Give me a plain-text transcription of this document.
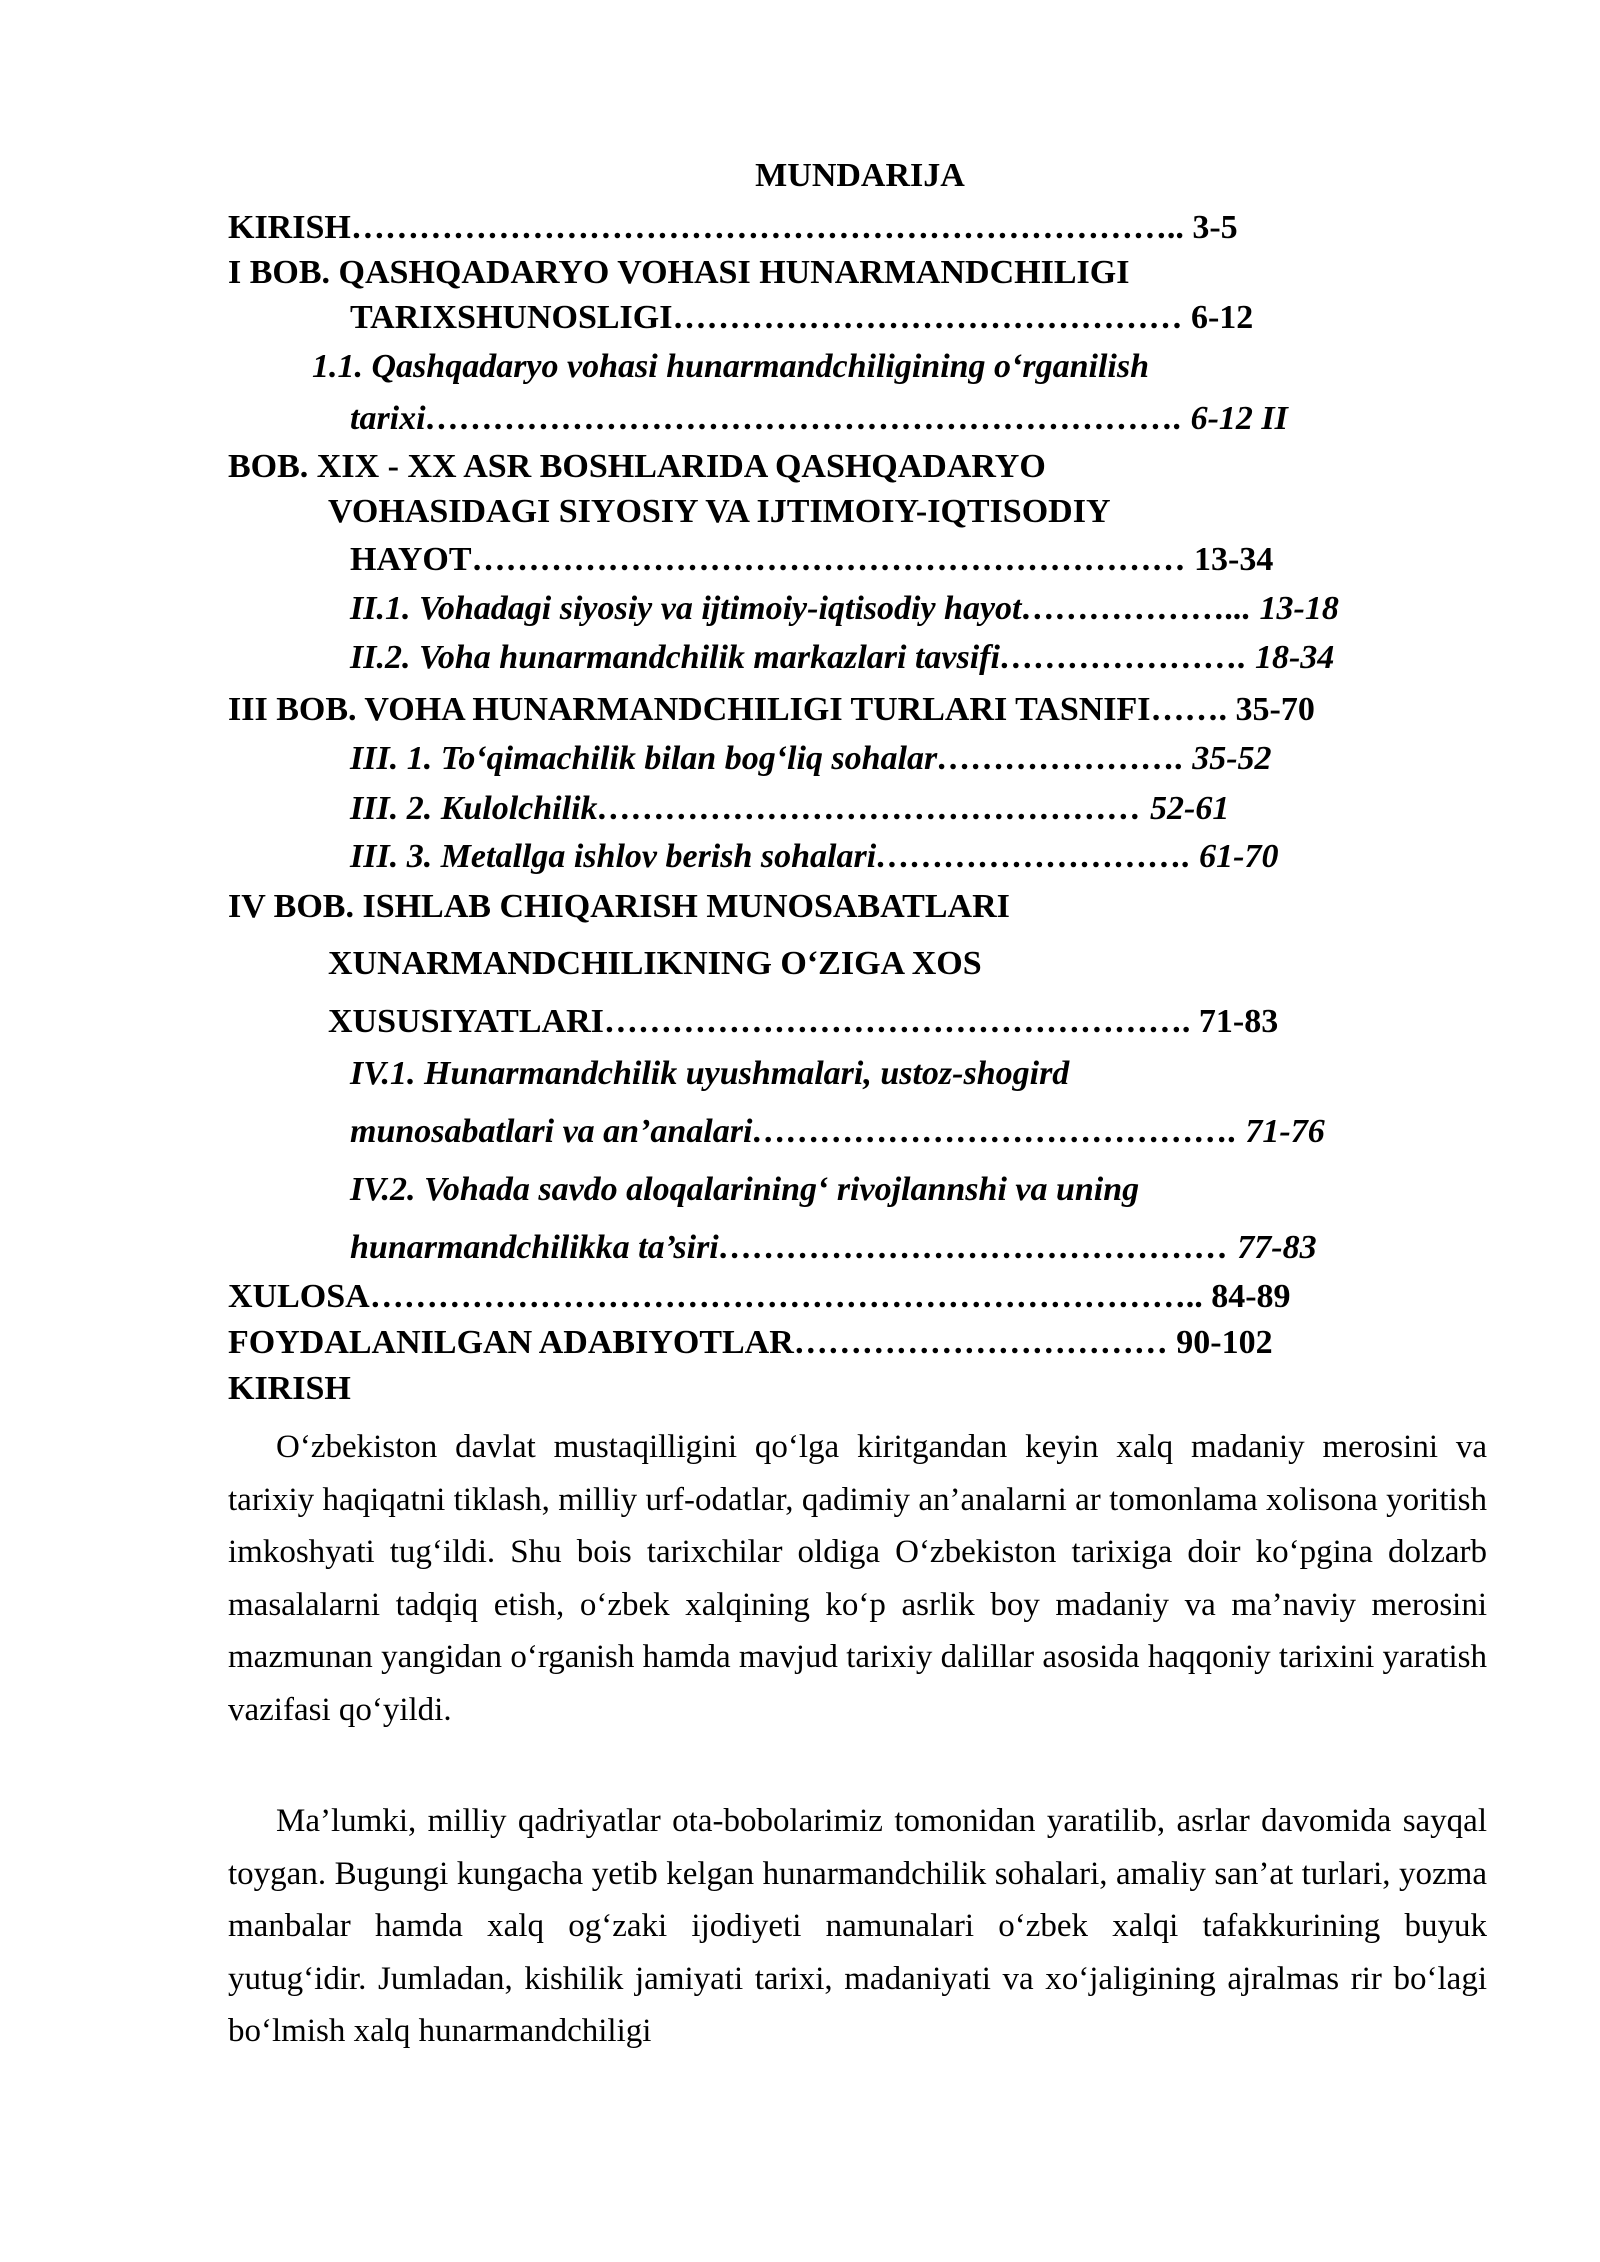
MUNDARIJA
KIRISH……………………………………………………………….. 3-5
I BOB. QASHQADARYO VOHASI HUNARMANDCHILIGI
TARIXSHUNOSLIGI……………………………………… 6-12
1.1. Qashqadaryo vohasi hunarmandchiligining o‘rganilish
tarixi…………………………………………………………. 6-12 II
BOB. XIX - XX ASR BOSHLARIDA QASHQADARYO
VOHASIDAGI SIYOSIY VA IJTIMOIY-IQTISODIY
HAYOT……………………………………………………… 13-34
II.1. Vohadagi siyosiy va ijtimoiy-iqtisodiy hayot………………... 13-18
II.2. Voha hunarmandchilik markazlari tavsifi…………………. 18-34
III BOB. VOHA HUNARMANDCHILIGI TURLARI TASNIFI……. 35-70
III. 1. To‘qimachilik bilan bog‘liq sohalar…………………. 35-52
III. 2. Kulolchilik………………………………………… 52-61
III. 3. Metallga ishlov berish sohalari………………………. 61-70
IV BOB. ISHLAB CHIQARISH MUNOSABATLARI
XUNARMANDCHILIKNING O‘ZIGA XOS
XUSUSIYATLARI……………………………………………. 71-83
IV.1. Hunarmandchilik uyushmalari, ustoz-shogird
munosabatlari va an’analari……………………………………. 71-76
IV.2. Vohada savdo aloqalarining‘ rivojlannshi va uning
hunarmandchilikka ta’siri……………………………………… 77-83
XULOSA……………………………………………………………….. 84-89
FOYDALANILGAN ADABIYOTLAR…………………………… 90-102
KIRISH

O‘zbekiston davlat mustaqilligini qo‘lga kiritgandan keyin xalq madaniy merosini va tarixiy haqiqatni tiklash, milliy urf-odatlar, qadimiy an’analarni ar tomonlama xolisona yoritish imkoshyati tug‘ildi. Shu bois tarixchilar oldiga O‘zbekiston tarixiga doir ko‘pgina dolzarb masalalarni tadqiq etish, o‘zbek xalqining ko‘p asrlik boy madaniy va ma’naviy merosini mazmunan yangidan o‘rganish hamda mavjud tarixiy dalillar asosida haqqoniy tarixini yaratish vazifasi qo‘yildi.

Ma’lumki, milliy qadriyatlar ota-bobolarimiz tomonidan yaratilib, asrlar davomida sayqal toygan. Bugungi kungacha yetib kelgan hunarmandchilik sohalari, amaliy san’at turlari, yozma manbalar hamda xalq og‘zaki ijodiyeti namunalari o‘zbek xalqi tafakkurining buyuk yutug‘idir. Jumladan, kishilik jamiyati tarixi, madaniyati va xo‘jaligining ajralmas rir bo‘lagi bo‘lmish xalq hunarmandchiligi
